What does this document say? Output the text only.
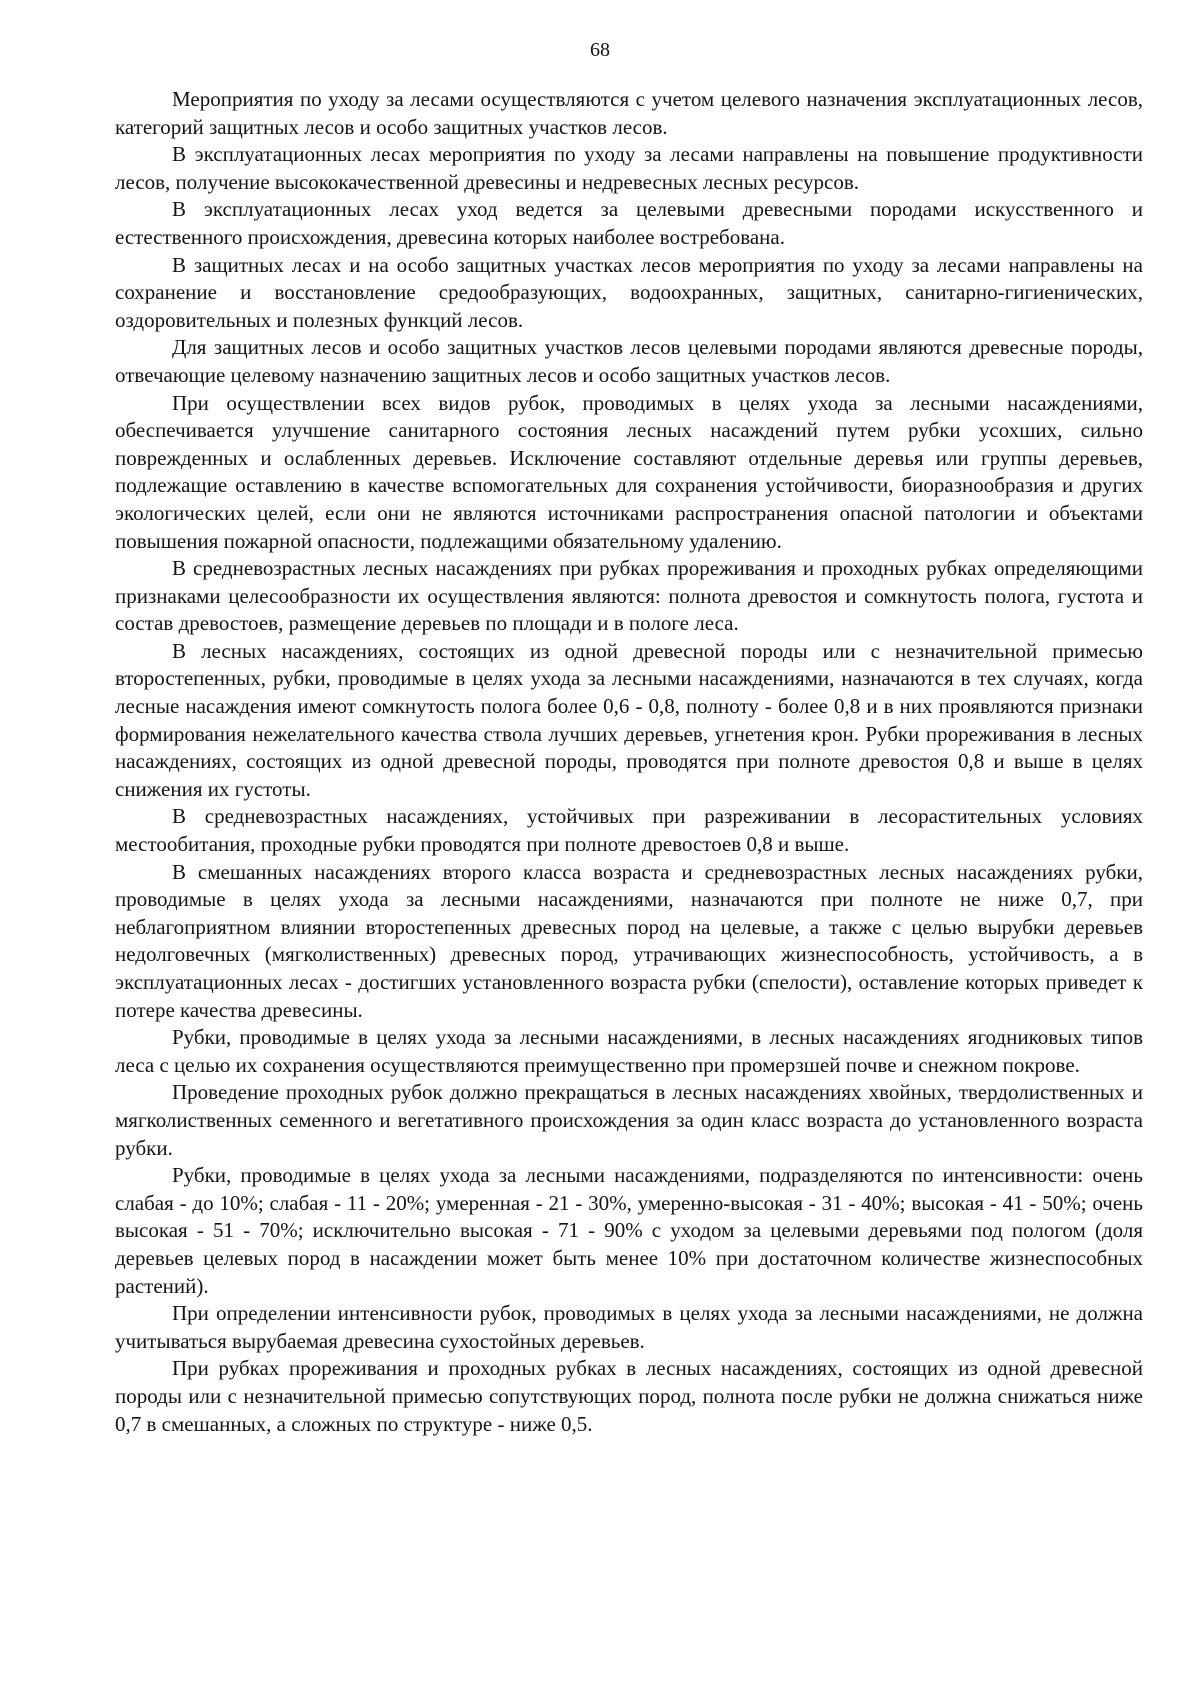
68

Мероприятия по уходу за лесами осуществляются с учетом целевого назначения эксплуатационных лесов, категорий защитных лесов и особо защитных участков лесов.

В эксплуатационных лесах мероприятия по уходу за лесами направлены на повышение продуктивности лесов, получение высококачественной древесины и недревесных лесных ресурсов.

В эксплуатационных лесах уход ведется за целевыми древесными породами искусственного и естественного происхождения, древесина которых наиболее востребована.

В защитных лесах и на особо защитных участках лесов мероприятия по уходу за лесами направлены на сохранение и восстановление средообразующих, водоохранных, защитных, санитарно-гигиенических, оздоровительных и полезных функций лесов.

Для защитных лесов и особо защитных участков лесов целевыми породами являются древесные породы, отвечающие целевому назначению защитных лесов и особо защитных участков лесов.

При осуществлении всех видов рубок, проводимых в целях ухода за лесными насаждениями, обеспечивается улучшение санитарного состояния лесных насаждений путем рубки усохших, сильно поврежденных и ослабленных деревьев. Исключение составляют отдельные деревья или группы деревьев, подлежащие оставлению в качестве вспомогательных для сохранения устойчивости, биоразнообразия и других экологических целей, если они не являются источниками распространения опасной патологии и объектами повышения пожарной опасности, подлежащими обязательному удалению.

В средневозрастных лесных насаждениях при рубках прореживания и проходных рубках определяющими признаками целесообразности их осуществления являются: полнота древостоя и сомкнутость полога, густота и состав древостоев, размещение деревьев по площади и в пологе леса.

В лесных насаждениях, состоящих из одной древесной породы или с незначительной примесью второстепенных, рубки, проводимые в целях ухода за лесными насаждениями, назначаются в тех случаях, когда лесные насаждения имеют сомкнутость полога более 0,6 - 0,8, полноту - более 0,8 и в них проявляются признаки формирования нежелательного качества ствола лучших деревьев, угнетения крон. Рубки прореживания в лесных насаждениях, состоящих из одной древесной породы, проводятся при полноте древостоя 0,8 и выше в целях снижения их густоты.

В средневозрастных насаждениях, устойчивых при разреживании в лесорастительных условиях местообитания, проходные рубки проводятся при полноте древостоев 0,8 и выше.

В смешанных насаждениях второго класса возраста и средневозрастных лесных насаждениях рубки, проводимые в целях ухода за лесными насаждениями, назначаются при полноте не ниже 0,7, при неблагоприятном влиянии второстепенных древесных пород на целевые, а также с целью вырубки деревьев недолговечных (мягколиственных) древесных пород, утрачивающих жизнеспособность, устойчивость, а в эксплуатационных лесах - достигших установленного возраста рубки (спелости), оставление которых приведет к потере качества древесины.

Рубки, проводимые в целях ухода за лесными насаждениями, в лесных насаждениях ягодниковых типов леса с целью их сохранения осуществляются преимущественно при промерзшей почве и снежном покрове.

Проведение проходных рубок должно прекращаться в лесных насаждениях хвойных, твердолиственных и мягколиственных семенного и вегетативного происхождения за один класс возраста до установленного возраста рубки.

Рубки, проводимые в целях ухода за лесными насаждениями, подразделяются по интенсивности: очень слабая - до 10%; слабая - 11 - 20%; умеренная - 21 - 30%, умеренно-высокая - 31 - 40%; высокая - 41 - 50%; очень высокая - 51 - 70%; исключительно высокая - 71 - 90% с уходом за целевыми деревьями под пологом (доля деревьев целевых пород в насаждении может быть менее 10% при достаточном количестве жизнеспособных растений).

При определении интенсивности рубок, проводимых в целях ухода за лесными насаждениями, не должна учитываться вырубаемая древесина сухостойных деревьев.

При рубках прореживания и проходных рубках в лесных насаждениях, состоящих из одной древесной породы или с незначительной примесью сопутствующих пород, полнота после рубки не должна снижаться ниже 0,7 в смешанных, а сложных по структуре - ниже 0,5.
